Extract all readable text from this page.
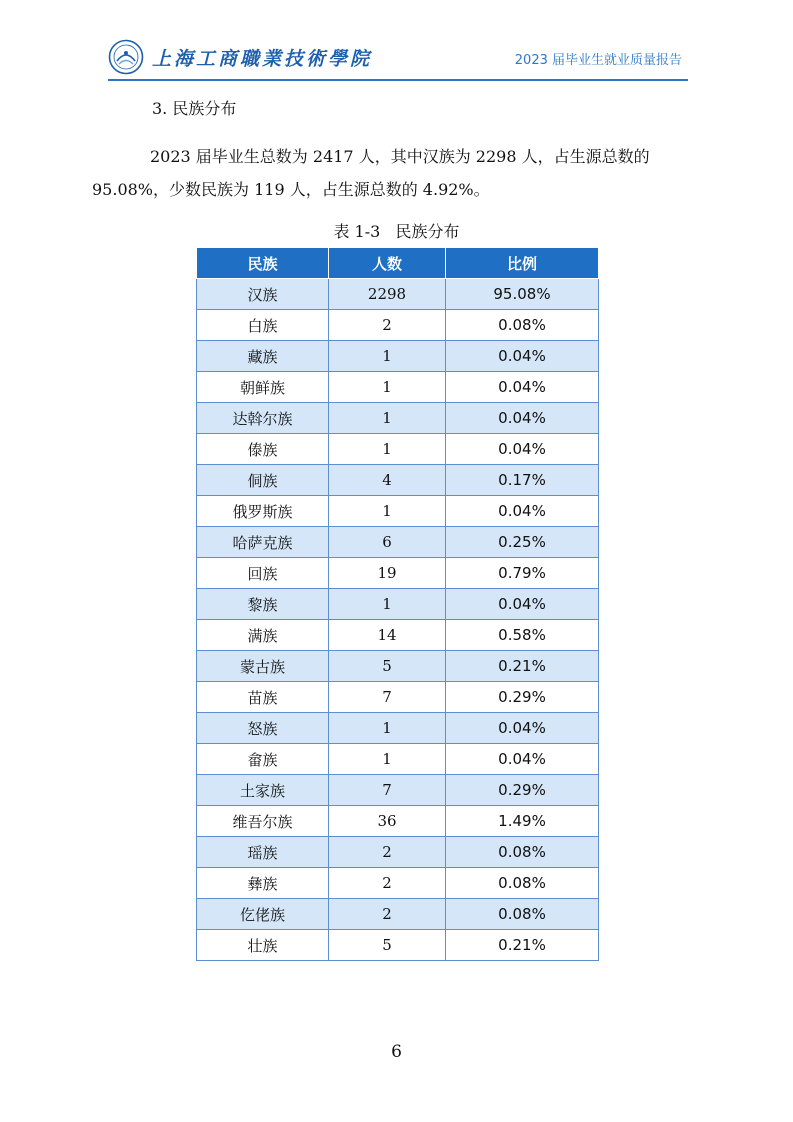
上海工商職業技術學院	2023 届毕业生就业质量报告
3. 民族分布
2023 届毕业生总数为 2417 人，其中汉族为 2298 人，占生源总数的
95.08%，少数民族为 119 人，占生源总数的 4.92%。
表 1-3   民族分布
民族	人数	比例
汉族	2298	95.08%
白族	2	0.08%
藏族	1	0.04%
朝鲜族	1	0.04%
达斡尔族	1	0.04%
傣族	1	0.04%
侗族	4	0.17%
俄罗斯族	1	0.04%
哈萨克族	6	0.25%
回族	19	0.79%
黎族	1	0.04%
满族	14	0.58%
蒙古族	5	0.21%
苗族	7	0.29%
怒族	1	0.04%
畲族	1	0.04%
土家族	7	0.29%
维吾尔族	36	1.49%
瑶族	2	0.08%
彝族	2	0.08%
仡佬族	2	0.08%
壮族	5	0.21%
6
